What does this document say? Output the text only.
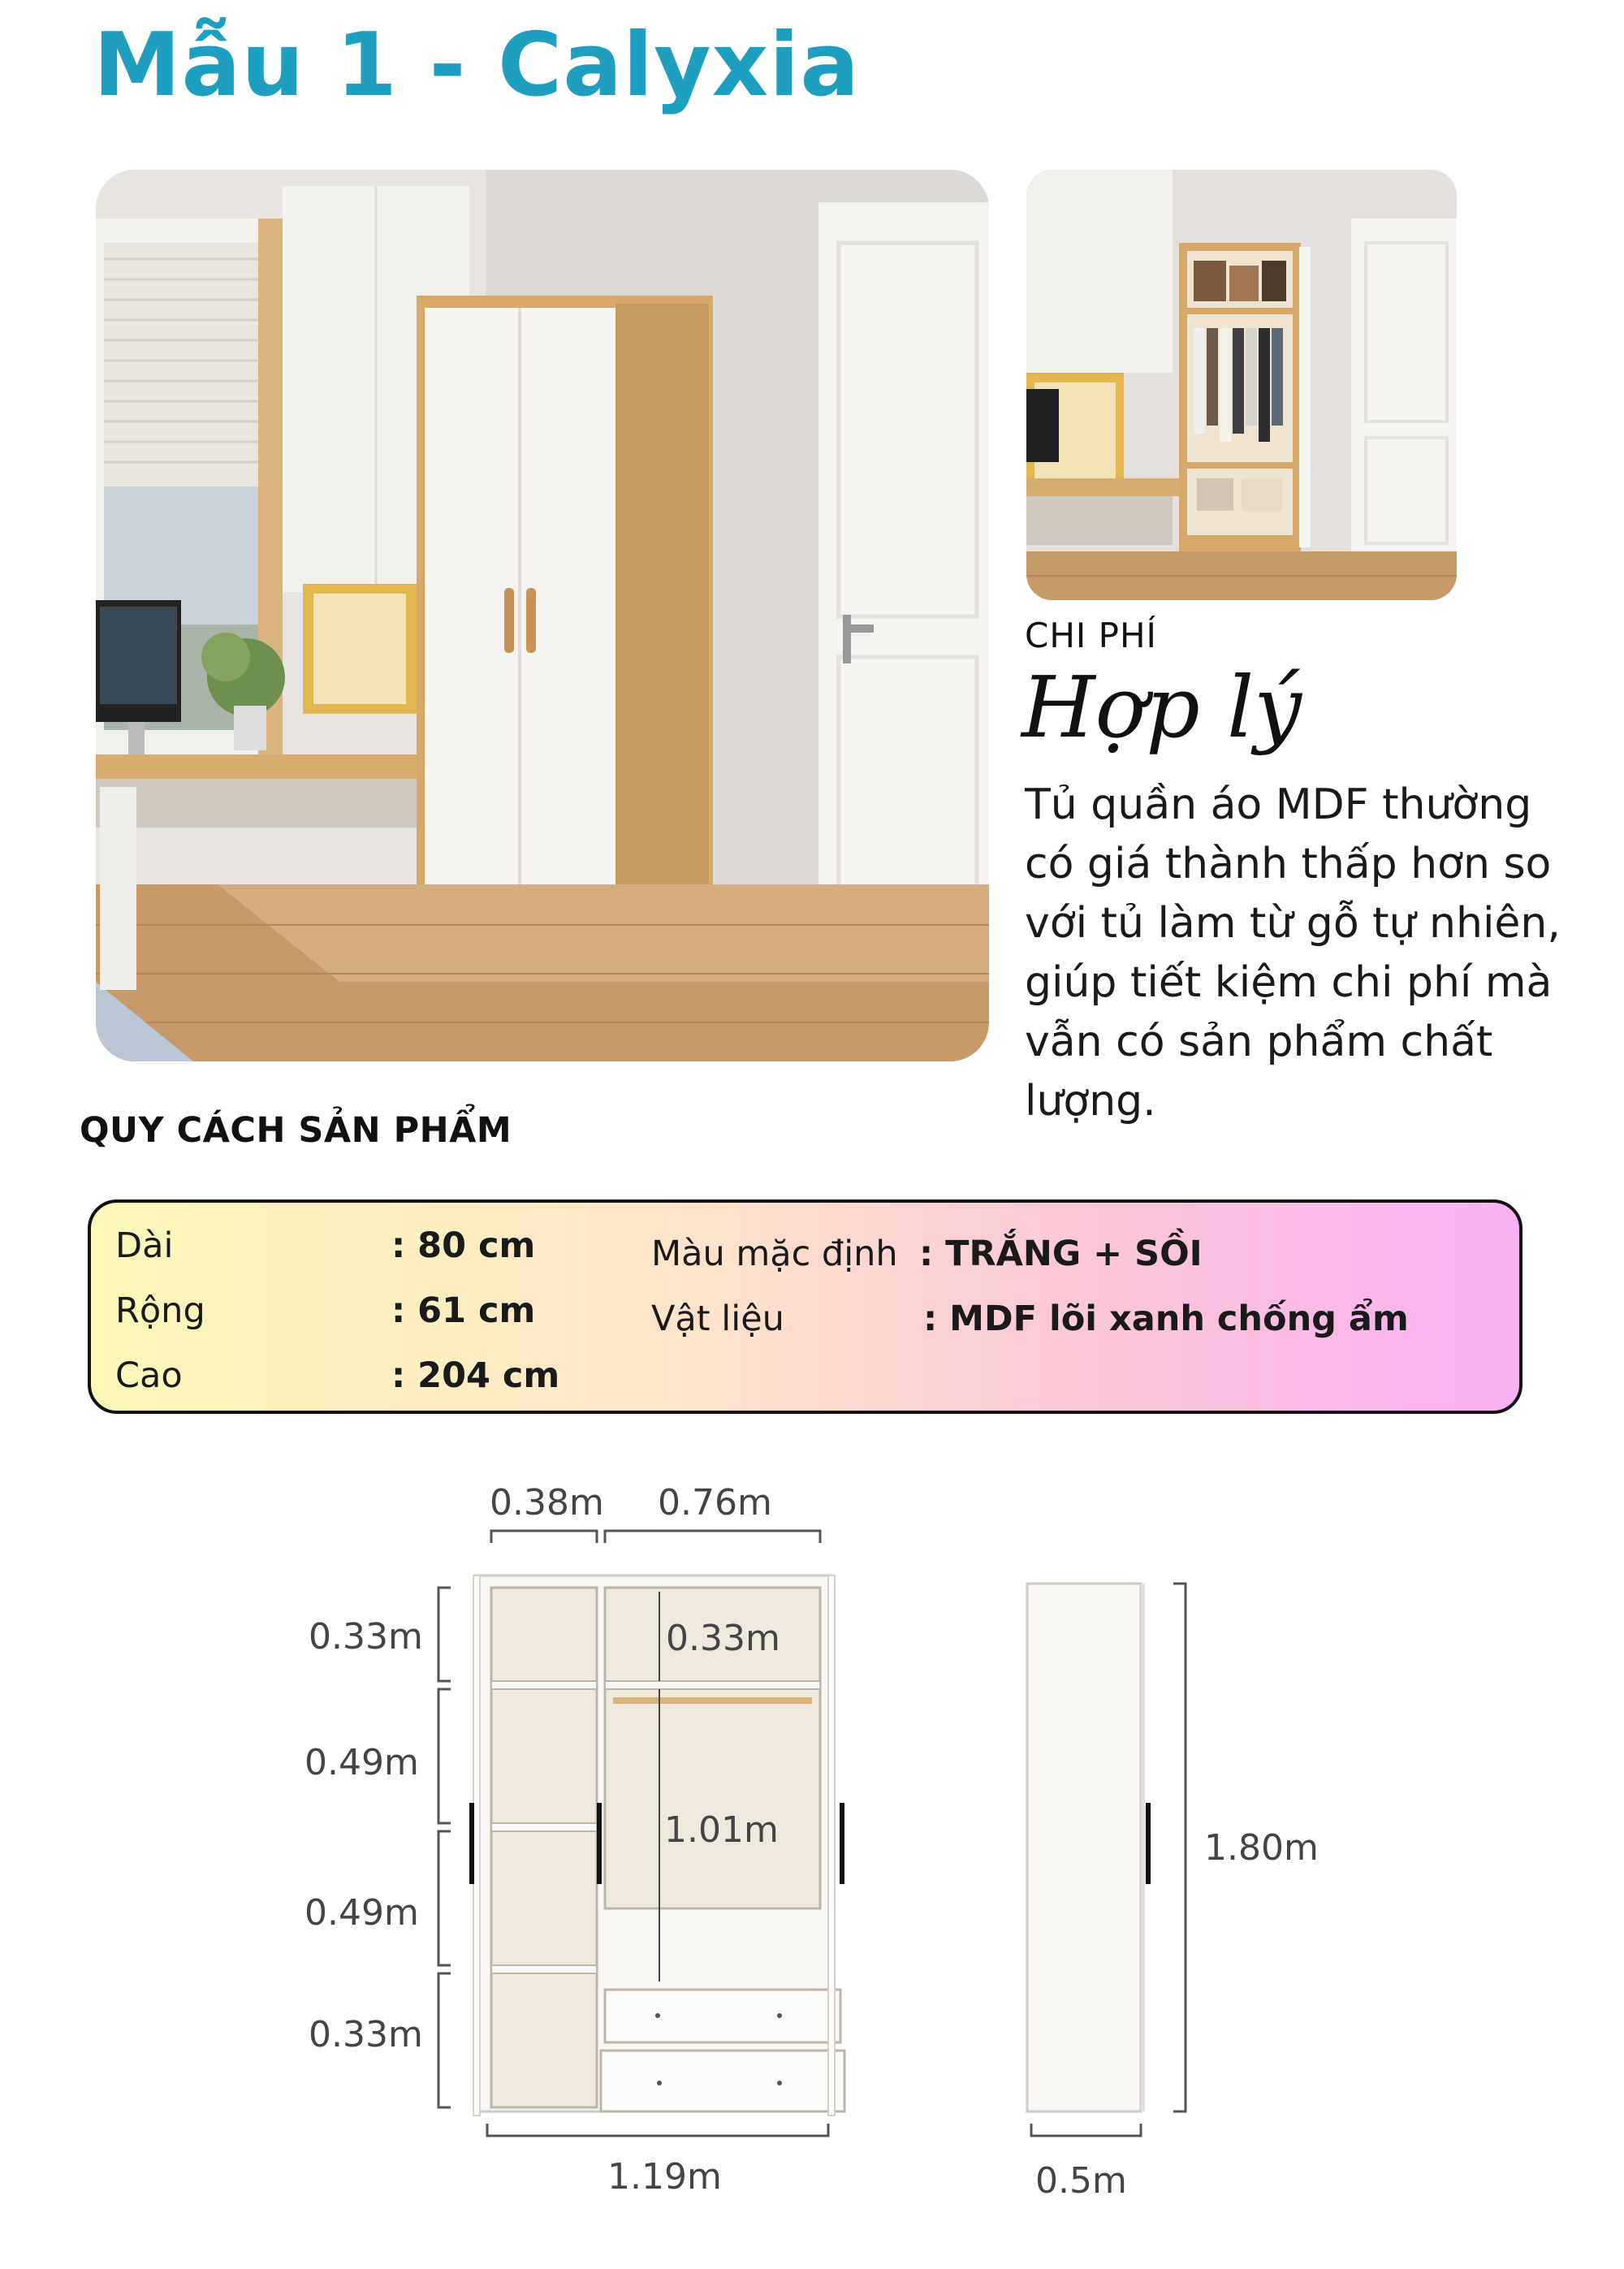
Mẫu 1 - Calyxia
CHI PHÍ
Hợp lý
Tủ quần áo MDF thường có giá thành thấp hơn so với tủ làm từ gỗ tự nhiên, giúp tiết kiệm chi phí mà vẫn có sản phẩm chất lượng.
QUY CÁCH SẢN PHẨM
Dài	: 80 cm
Rộng	: 61 cm
Cao	: 204 cm
Màu mặc định : TRẮNG + SỒI
Vật liệu	: MDF lõi xanh chống ẩm
0.38m 0.76m
0.33m
0.49m
0.49m
0.33m
0.33m
1.01m
1.19m
1.80m
0.5m
